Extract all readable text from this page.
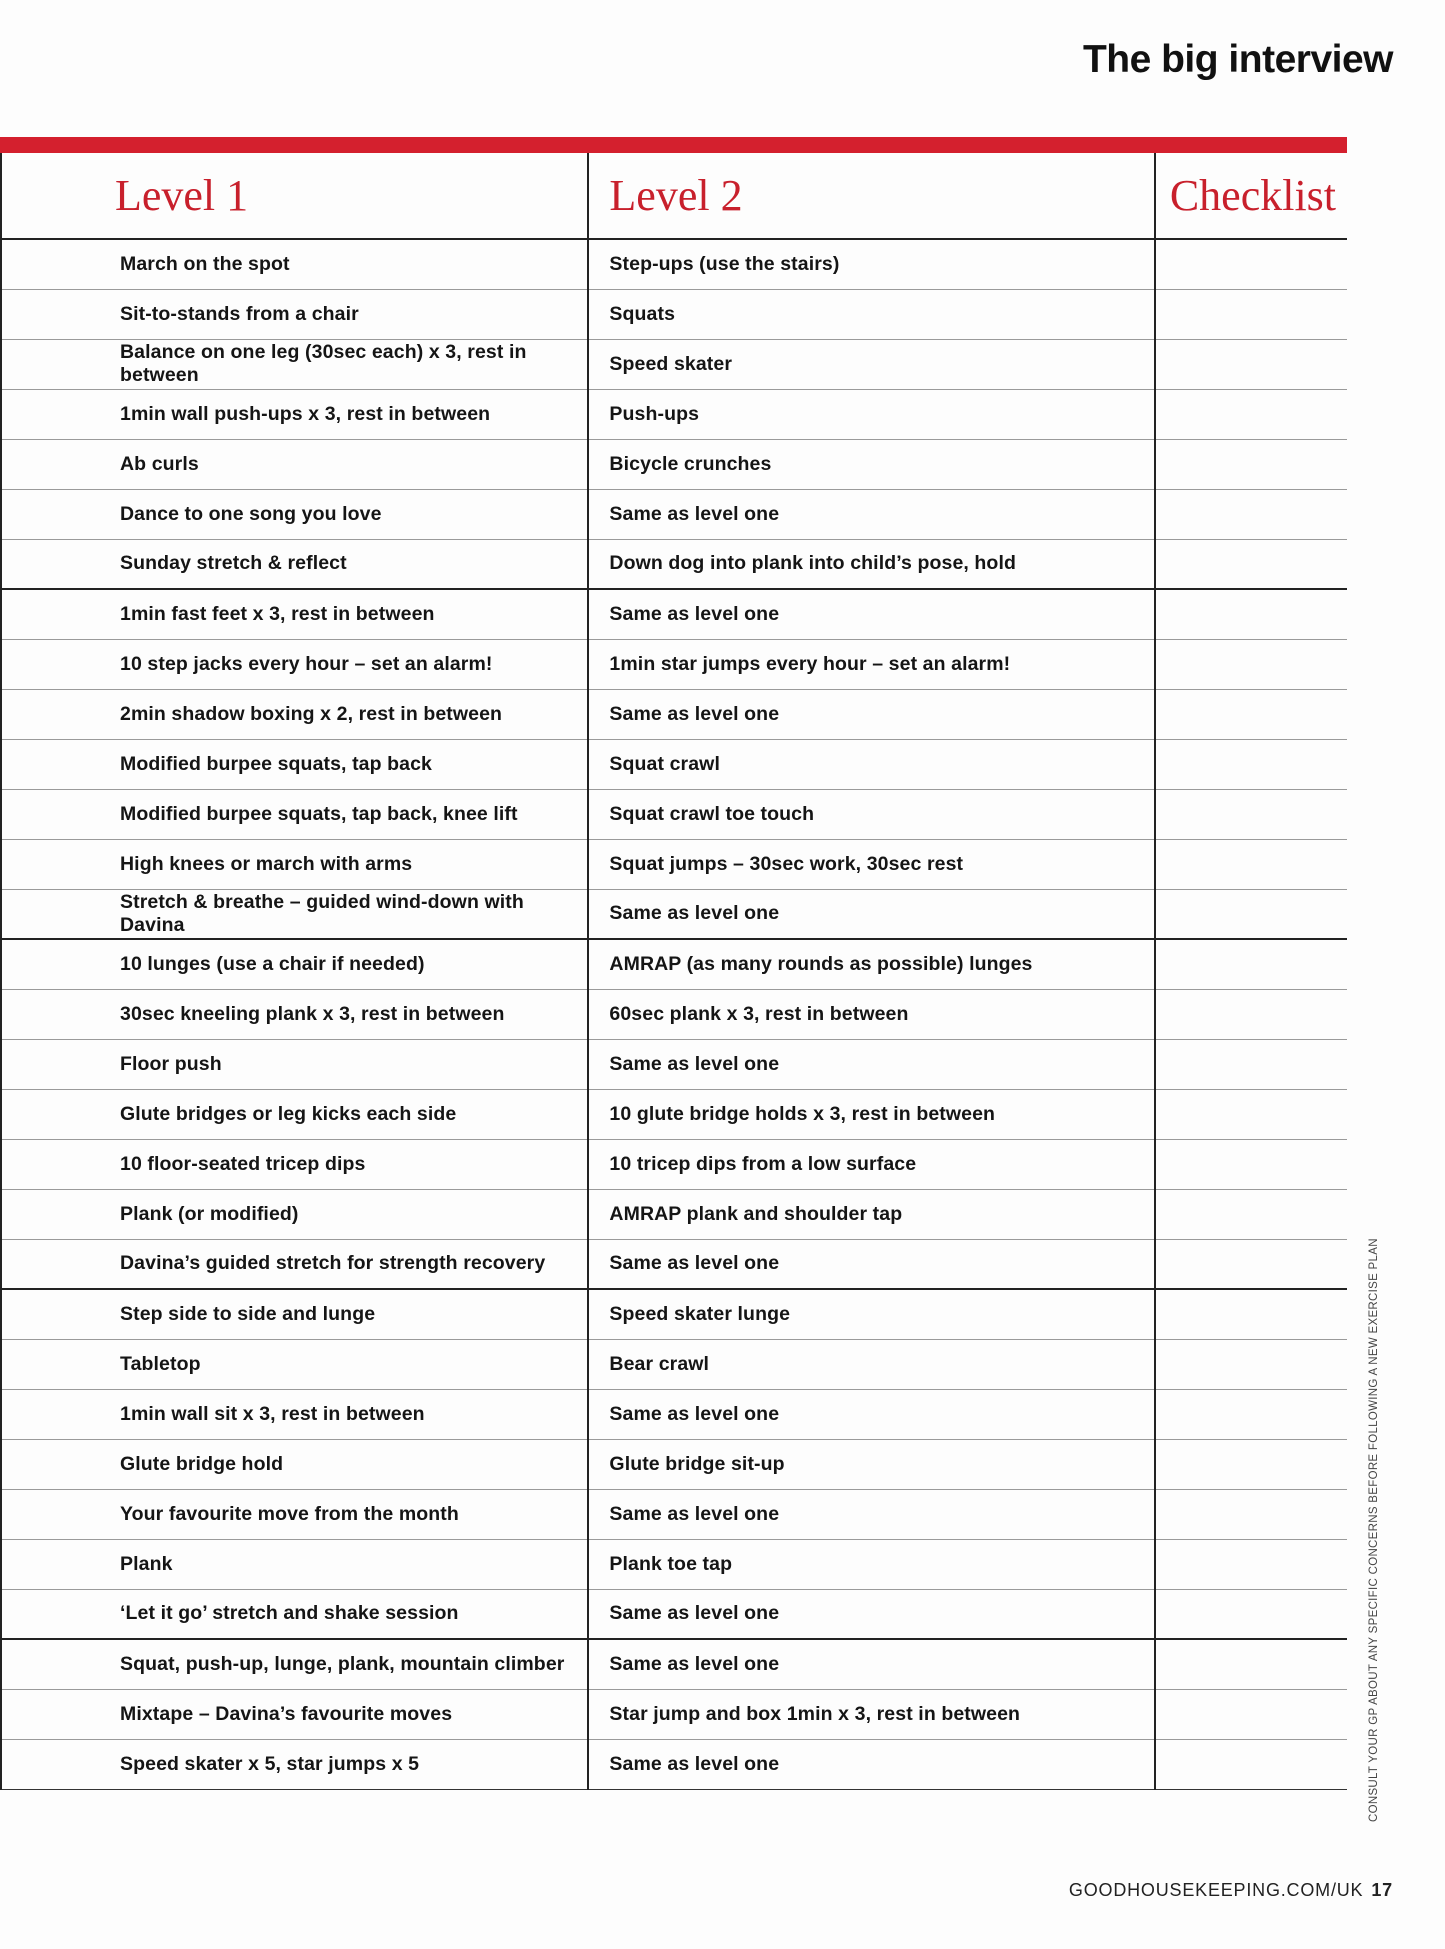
The big interview
Level 1	Level 2	Checklist
March on the spot	Step-ups (use the stairs)	
Sit-to-stands from a chair	Squats	
Balance on one leg (30sec each) x 3, rest in between	Speed skater	
1min wall push-ups x 3, rest in between	Push-ups	
Ab curls	Bicycle crunches	
Dance to one song you love	Same as level one	
Sunday stretch & reflect	Down dog into plank into child’s pose, hold	
1min fast feet x 3, rest in between	Same as level one	
10 step jacks every hour – set an alarm!	1min star jumps every hour – set an alarm!	
2min shadow boxing x 2, rest in between	Same as level one	
Modified burpee squats, tap back	Squat crawl	
Modified burpee squats, tap back, knee lift	Squat crawl toe touch	
High knees or march with arms	Squat jumps – 30sec work, 30sec rest	
Stretch & breathe – guided wind-down with Davina	Same as level one	
10 lunges (use a chair if needed)	AMRAP (as many rounds as possible) lunges	
30sec kneeling plank x 3, rest in between	60sec plank x 3, rest in between	
Floor push	Same as level one	
Glute bridges or leg kicks each side	10 glute bridge holds x 3, rest in between	
10 floor-seated tricep dips	10 tricep dips from a low surface	
Plank (or modified)	AMRAP plank and shoulder tap	
Davina’s guided stretch for strength recovery	Same as level one	
Step side to side and lunge	Speed skater lunge	
Tabletop	Bear crawl	
1min wall sit x 3, rest in between	Same as level one	
Glute bridge hold	Glute bridge sit-up	
Your favourite move from the month	Same as level one	
Plank	Plank toe tap	
‘Let it go’ stretch and shake session	Same as level one	
Squat, push-up, lunge, plank, mountain climber	Same as level one	
Mixtape – Davina’s favourite moves	Star jump and box 1min x 3, rest in between	
Speed skater x 5, star jumps x 5	Same as level one		CONSULT YOUR GP ABOUT ANY SPECIFIC CONCERNS BEFORE FOLLOWING A NEW EXERCISE PLAN
GOODHOUSEKEEPING.COM/UK 17
